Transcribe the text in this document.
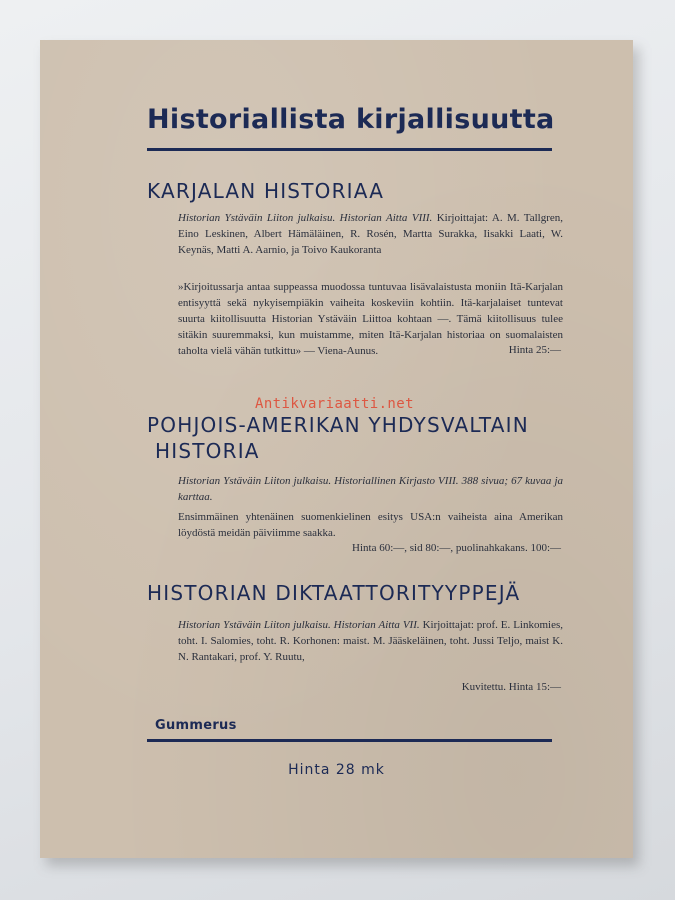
Historiallista kirjallisuutta
KARJALAN HISTORIAA

Historian Ystäväin Liiton julkaisu. Historian Aitta VIII. Kirjoittajat: A. M. Tallgren, Eino Leskinen, Albert Hämäläinen, R. Rosén, Martta Surakka, Iisakki Laati, W. Keynäs, Matti A. Aarnio, ja Toivo Kaukoranta

»Kirjoitussarja antaa suppeassa muodossa tuntuvaa lisävalaistusta moniin Itä-Karjalan entisyyttä sekä nykyisempiäkin vaiheita koskeviin kohtiin. Itä-karjalaiset tuntevat suurta kiitollisuutta Historian Ystäväin Liittoa kohtaan —. Tämä kiitollisuus tulee sitäkin suuremmaksi, kun muistamme, miten Itä-Karjalan historiaa on suomalaisten taholta vielä vähän tutkittu» — Viena-Aunus.	Hinta 25:—
Antikvariaatti.net
POHJOIS-AMERIKAN YHDYSVALTAIN
HISTORIA

Historian Ystäväin Liiton julkaisu. Historiallinen Kirjasto VIII. 388 sivua; 67 kuvaa ja karttaa.

Ensimmäinen yhtenäinen suomenkielinen esitys USA:n vaiheista aina Amerikan löydöstä meidän päiviimme saakka.

Hinta 60:—, sid 80:—, puolinahkakans. 100:—
HISTORIAN DIKTAATTORITYYPPEJÄ

Historian Ystäväin Liiton julkaisu. Historian Aitta VII. Kirjoittajat: prof. E. Linkomies, toht. I. Salomies, toht. R. Korhonen: maist. M. Jääskeläinen, toht. Jussi Teljo, maist K. N. Rantakari, prof. Y. Ruutu,

Kuvitettu. Hinta 15:—
Gummerus
Hinta 28 mk
